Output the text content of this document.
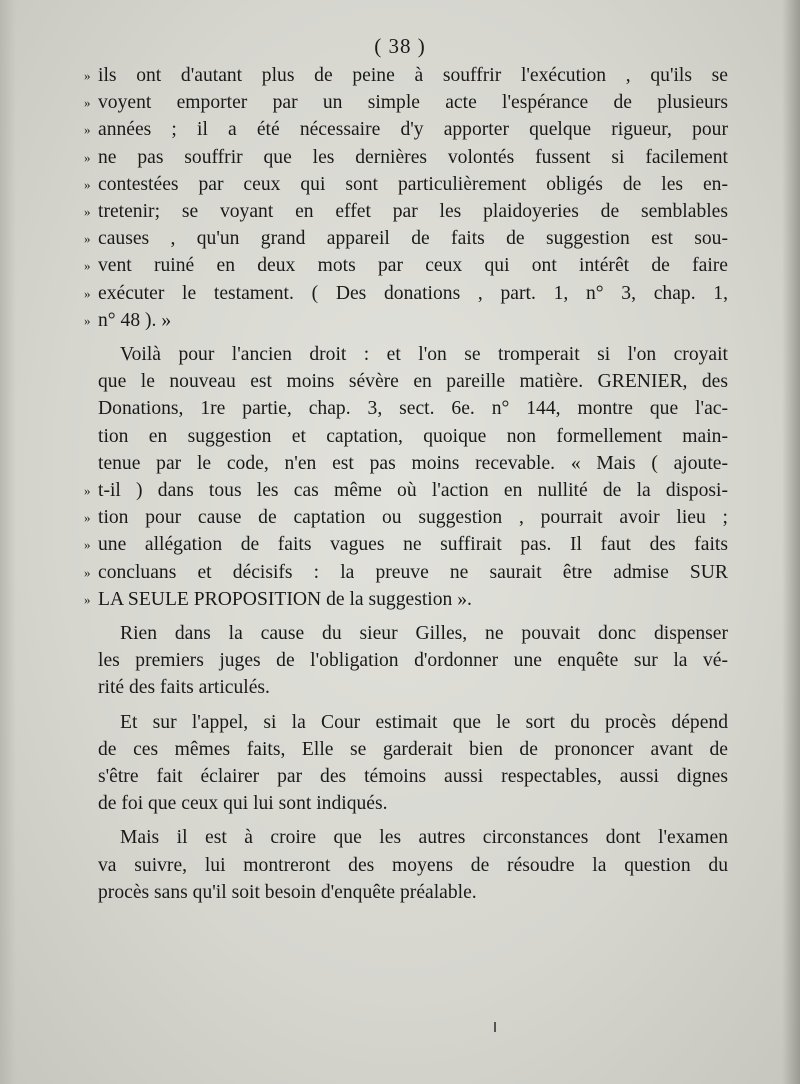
( 38 )
» ils ont d'autant plus de peine à souffrir l'exécution , qu'ils se
» voyent emporter par un simple acte l'espérance de plusieurs
» années ; il a été nécessaire d'y apporter quelque rigueur, pour
» ne pas souffrir que les dernières volontés fussent si facilement
» contestées par ceux qui sont particulièrement obligés de les en-
» tretenir; se voyant en effet par les plaidoyeries de semblables
» causes , qu'un grand appareil de faits de suggestion est sou-
» vent ruiné en deux mots par ceux qui ont intérêt de faire
» exécuter le testament. ( Des donations , part. 1, n° 3, chap. 1,
» n° 48 ). »
Voilà pour l'ancien droit : et l'on se tromperait si l'on croyait
que le nouveau est moins sévère en pareille matière. GRENIER, des
Donations, 1re partie, chap. 3, sect. 6e. n° 144, montre que l'ac-
tion en suggestion et captation, quoique non formellement main-
tenue par le code, n'en est pas moins recevable. « Mais ( ajoute-
» t-il ) dans tous les cas même où l'action en nullité de la disposi-
» tion pour cause de captation ou suggestion , pourrait avoir lieu ;
» une allégation de faits vagues ne suffirait pas. Il faut des faits
» concluans et décisifs : la preuve ne saurait être admise SUR
» LA SEULE PROPOSITION de la suggestion ».
Rien dans la cause du sieur Gilles, ne pouvait donc dispenser
les premiers juges de l'obligation d'ordonner une enquête sur la vé-
rité des faits articulés.
Et sur l'appel, si la Cour estimait que le sort du procès dépend
de ces mêmes faits, Elle se garderait bien de prononcer avant de
s'être fait éclairer par des témoins aussi respectables, aussi dignes
de foi que ceux qui lui sont indiqués.
Mais il est à croire que les autres circonstances dont l'examen
va suivre, lui montreront des moyens de résoudre la question du
procès sans qu'il soit besoin d'enquête préalable.
